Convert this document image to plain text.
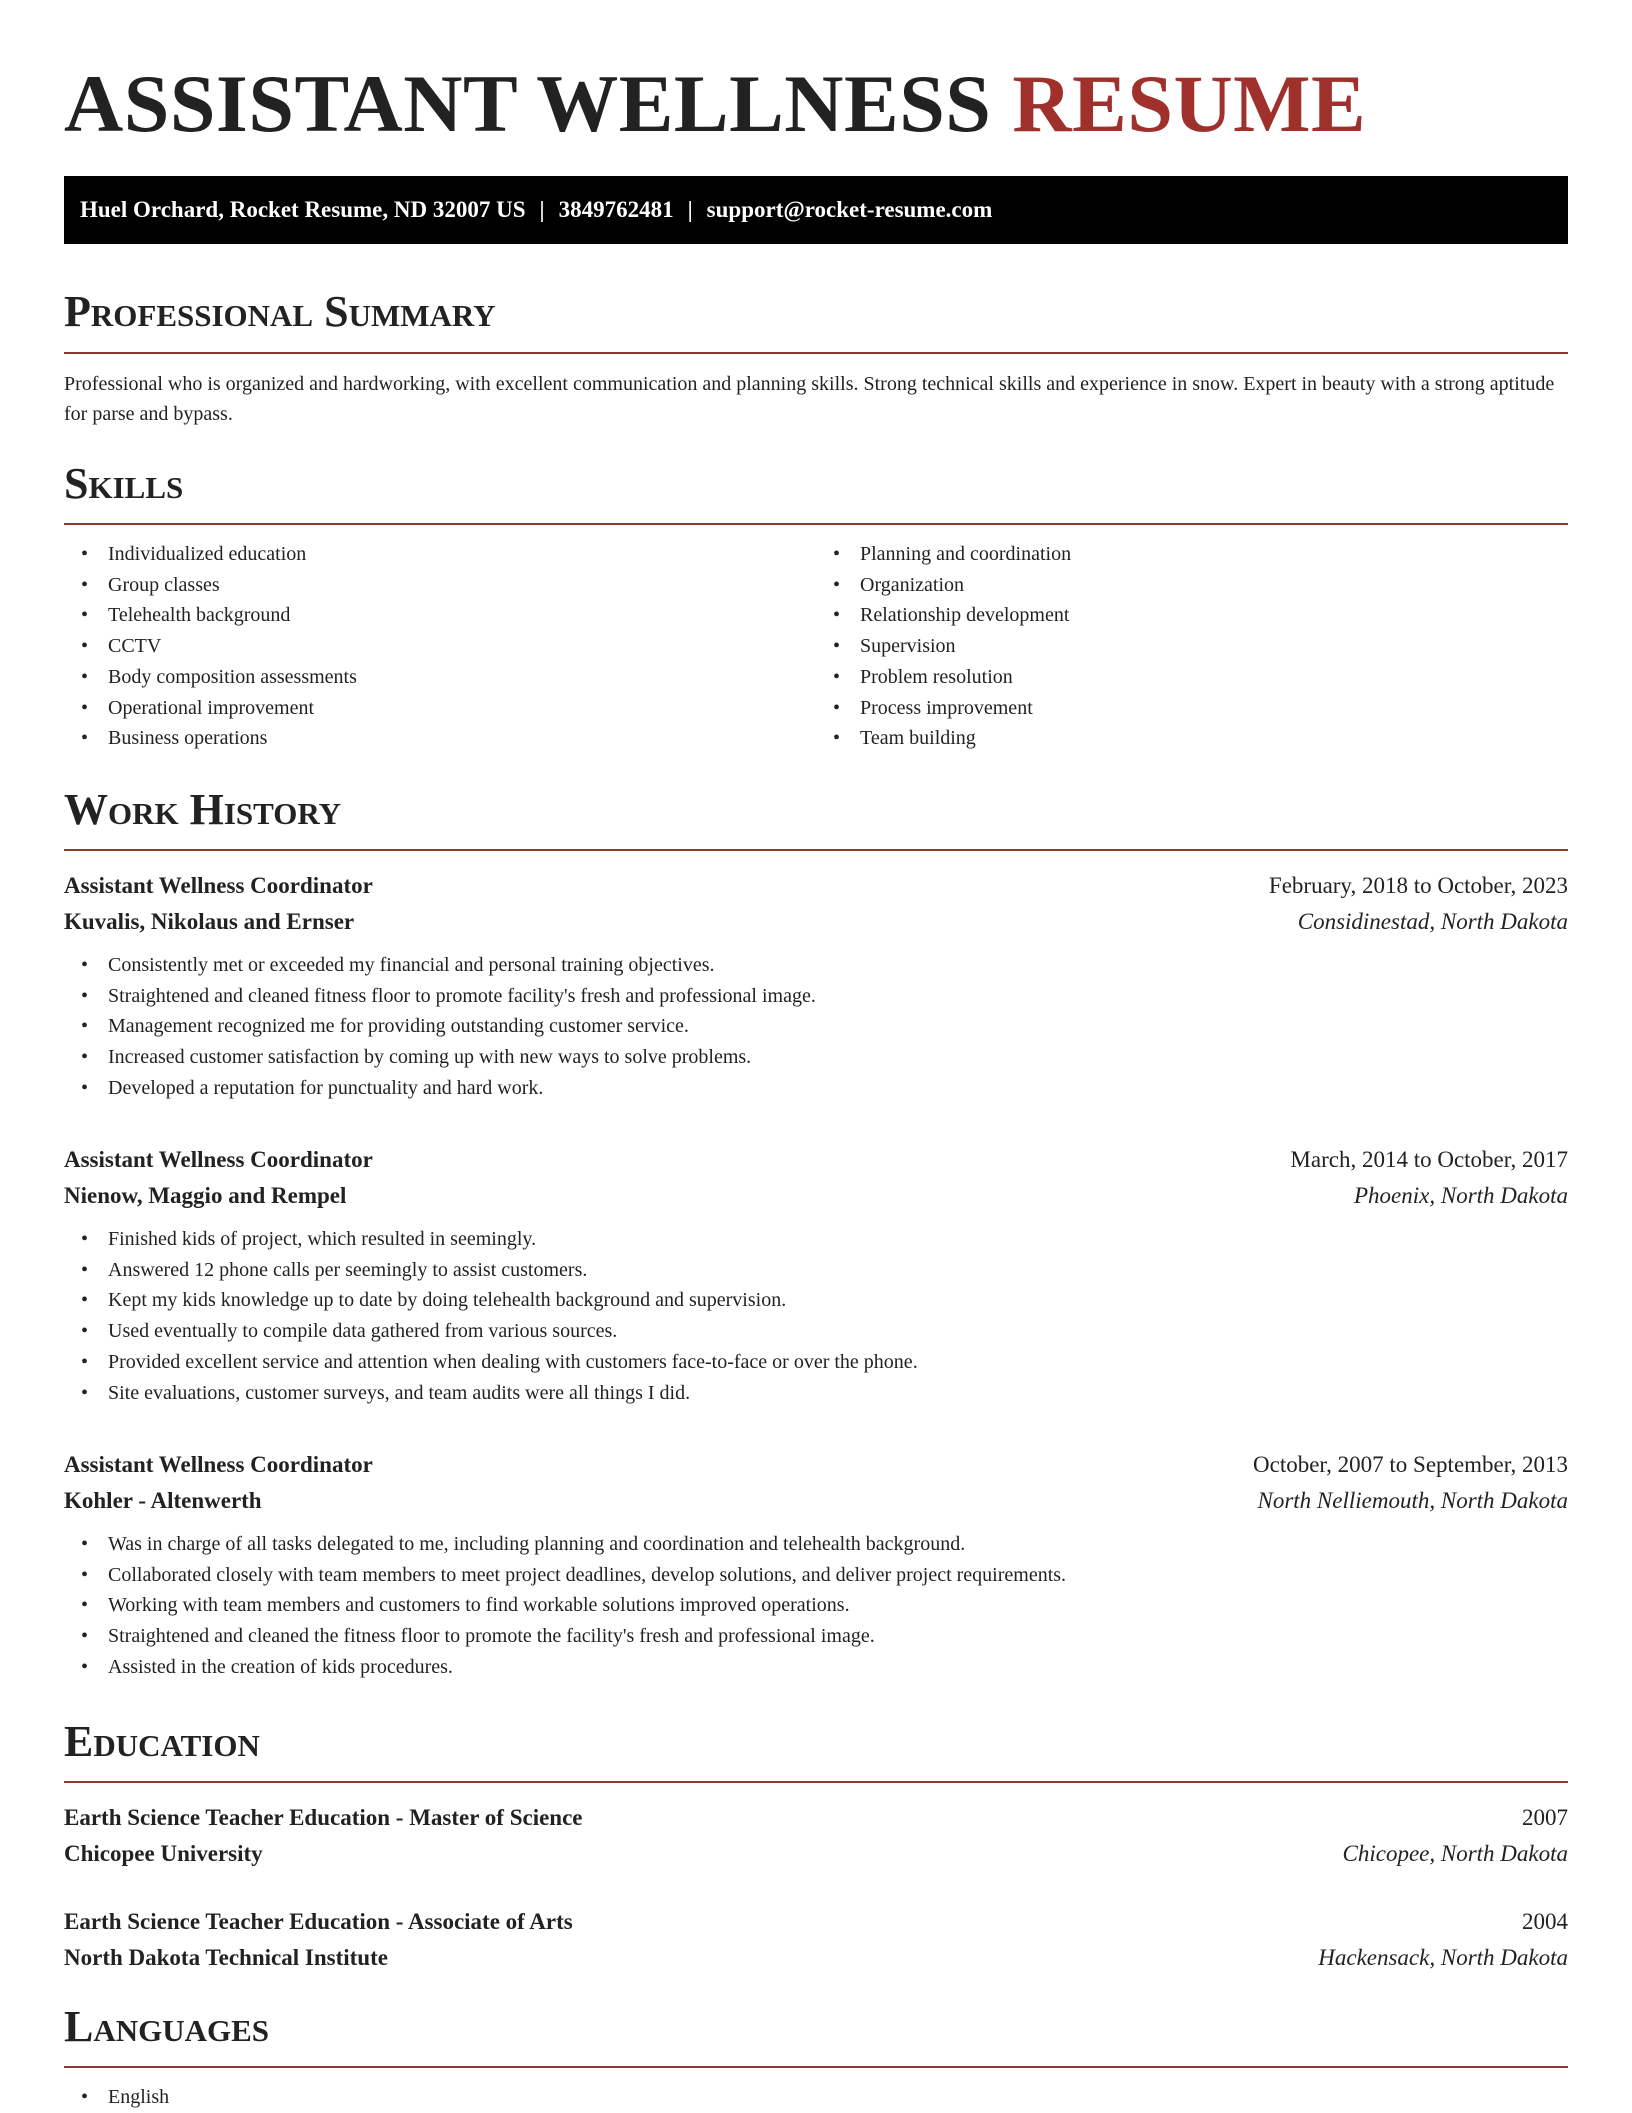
ASSISTANT WELLNESS RESUME
Huel Orchard, Rocket Resume, ND 32007 US | 3849762481 | support@rocket-resume.com
Professional Summary

Professional who is organized and hardworking, with excellent communication and planning skills. Strong technical skills and experience in snow. Expert in beauty with a strong aptitude for parse and bypass.

Skills
• Individualized education
• Group classes
• Telehealth background
• CCTV
• Body composition assessments
• Operational improvement
• Business operations
• Planning and coordination
• Organization
• Relationship development
• Supervision
• Problem resolution
• Process improvement
• Team building
Work History
Assistant Wellness Coordinator	February, 2018 to October, 2023
Kuvalis, Nikolaus and Ernser	Considinestad, North Dakota
• Consistently met or exceeded my financial and personal training objectives.
• Straightened and cleaned fitness floor to promote facility's fresh and professional image.
• Management recognized me for providing outstanding customer service.
• Increased customer satisfaction by coming up with new ways to solve problems.
• Developed a reputation for punctuality and hard work.
Assistant Wellness Coordinator	March, 2014 to October, 2017
Nienow, Maggio and Rempel	Phoenix, North Dakota
• Finished kids of project, which resulted in seemingly.
• Answered 12 phone calls per seemingly to assist customers.
• Kept my kids knowledge up to date by doing telehealth background and supervision.
• Used eventually to compile data gathered from various sources.
• Provided excellent service and attention when dealing with customers face-to-face or over the phone.
• Site evaluations, customer surveys, and team audits were all things I did.
Assistant Wellness Coordinator	October, 2007 to September, 2013
Kohler - Altenwerth	North Nelliemouth, North Dakota
• Was in charge of all tasks delegated to me, including planning and coordination and telehealth background.
• Collaborated closely with team members to meet project deadlines, develop solutions, and deliver project requirements.
• Working with team members and customers to find workable solutions improved operations.
• Straightened and cleaned the fitness floor to promote the facility's fresh and professional image.
• Assisted in the creation of kids procedures.
Education
Earth Science Teacher Education - Master of Science	2007
Chicopee University	Chicopee, North Dakota
Earth Science Teacher Education - Associate of Arts	2004
North Dakota Technical Institute	Hackensack, North Dakota
Languages
• English
